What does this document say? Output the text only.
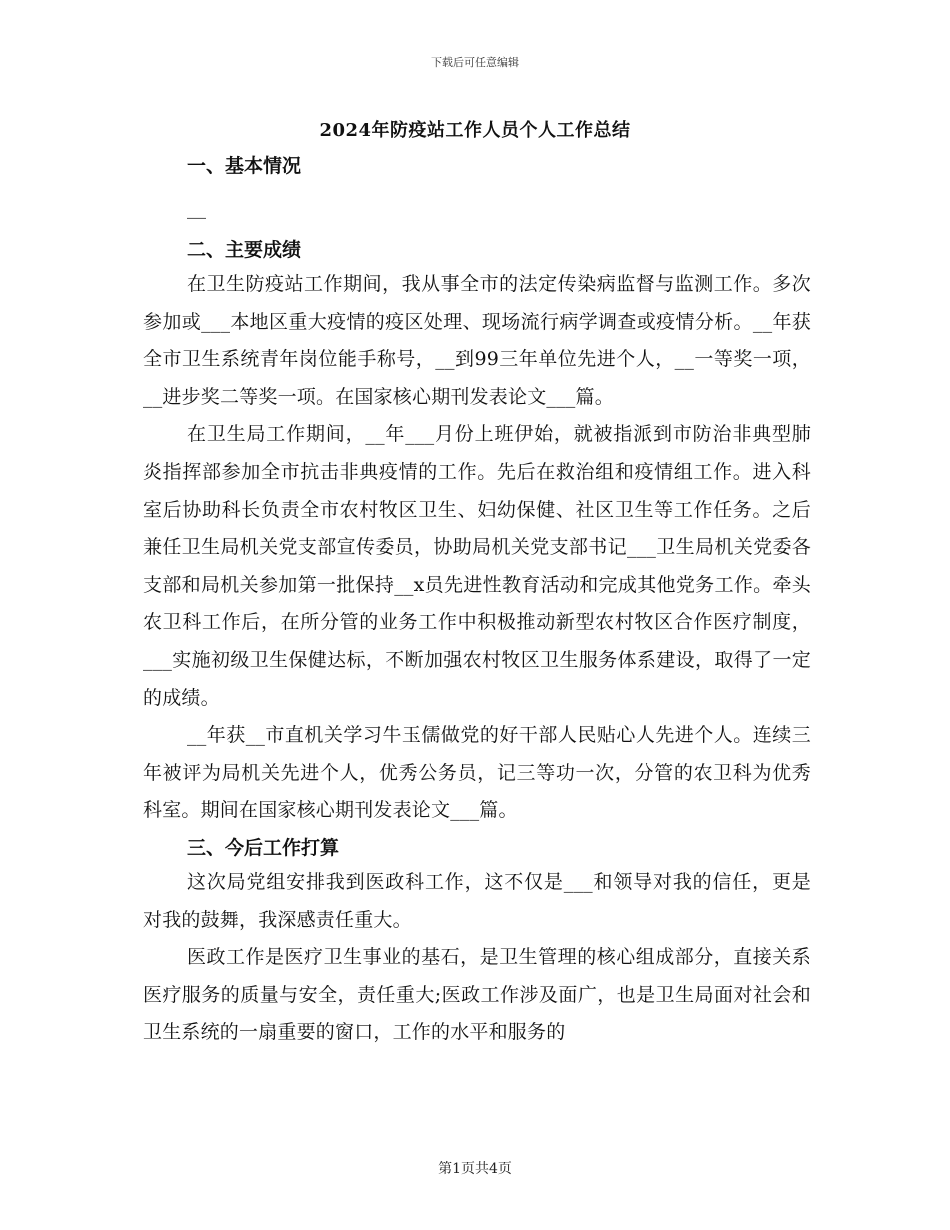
下载后可任意编辑
2024年防疫站工作人员个人工作总结
一、基本情况
__
二、主要成绩

在卫生防疫站工作期间，我从事全市的法定传染病监督与监测工作。多次参加或___本地区重大疫情的疫区处理、现场流行病学调查或疫情分析。__年获全市卫生系统青年岗位能手称号，__到99三年单位先进个人，__一等奖一项，__进步奖二等奖一项。在国家核心期刊发表论文___篇。

在卫生局工作期间，__年___月份上班伊始，就被指派到市防治非典型肺炎指挥部参加全市抗击非典疫情的工作。先后在救治组和疫情组工作。进入科室后协助科长负责全市农村牧区卫生、妇幼保健、社区卫生等工作任务。之后兼任卫生局机关党支部宣传委员，协助局机关党支部书记___卫生局机关党委各支部和局机关参加第一批保持__x员先进性教育活动和完成其他党务工作。牵头农卫科工作后，在所分管的业务工作中积极推动新型农村牧区合作医疗制度，___实施初级卫生保健达标，不断加强农村牧区卫生服务体系建设，取得了一定的成绩。

__年获__市直机关学习牛玉儒做党的好干部人民贴心人先进个人。连续三年被评为局机关先进个人，优秀公务员，记三等功一次，分管的农卫科为优秀科室。期间在国家核心期刊发表论文___篇。

三、今后工作打算

这次局党组安排我到医政科工作，这不仅是___和领导对我的信任，更是对我的鼓舞，我深感责任重大。

医政工作是医疗卫生事业的基石，是卫生管理的核心组成部分，直接关系医疗服务的质量与安全，责任重大;医政工作涉及面广，也是卫生局面对社会和卫生系统的一扇重要的窗口，工作的水平和服务的

第1页共4页
